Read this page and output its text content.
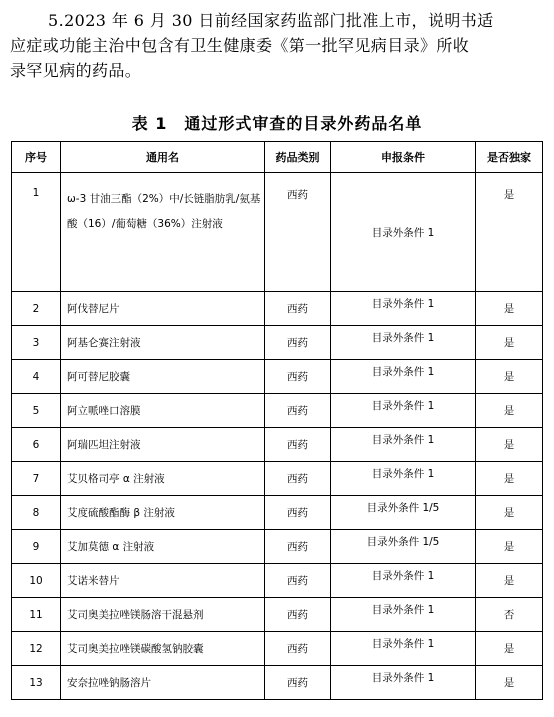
5.2023 年 6 月 30 日前经国家药监部门批准上市，说明书适

应症或功能主治中包含有卫生健康委《第一批罕见病目录》所收

录罕见病的药品。

表 1　通过形式审查的目录外药品名单
序号	通用名	药品类别	申报条件	是否独家
1	ω-3 甘油三酯（2%）中/长链脂肪乳/氨基酸（16）/葡萄糖（36%）注射液	西药	目录外条件 1	是
2	阿伐替尼片	西药	目录外条件 1	是
3	阿基仑赛注射液	西药	目录外条件 1	是
4	阿可替尼胶囊	西药	目录外条件 1	是
5	阿立哌唑口溶膜	西药	目录外条件 1	是
6	阿瑞匹坦注射液	西药	目录外条件 1	是
7	艾贝格司亭 α 注射液	西药	目录外条件 1	是
8	艾度硫酸酯酶 β 注射液	西药	目录外条件 1/5	是
9	艾加莫德 α 注射液	西药	目录外条件 1/5	是
10	艾诺米替片	西药	目录外条件 1	是
11	艾司奥美拉唑镁肠溶干混悬剂	西药	目录外条件 1	否
12	艾司奥美拉唑镁碳酸氢钠胶囊	西药	目录外条件 1	是
13	安奈拉唑钠肠溶片	西药	目录外条件 1	是
